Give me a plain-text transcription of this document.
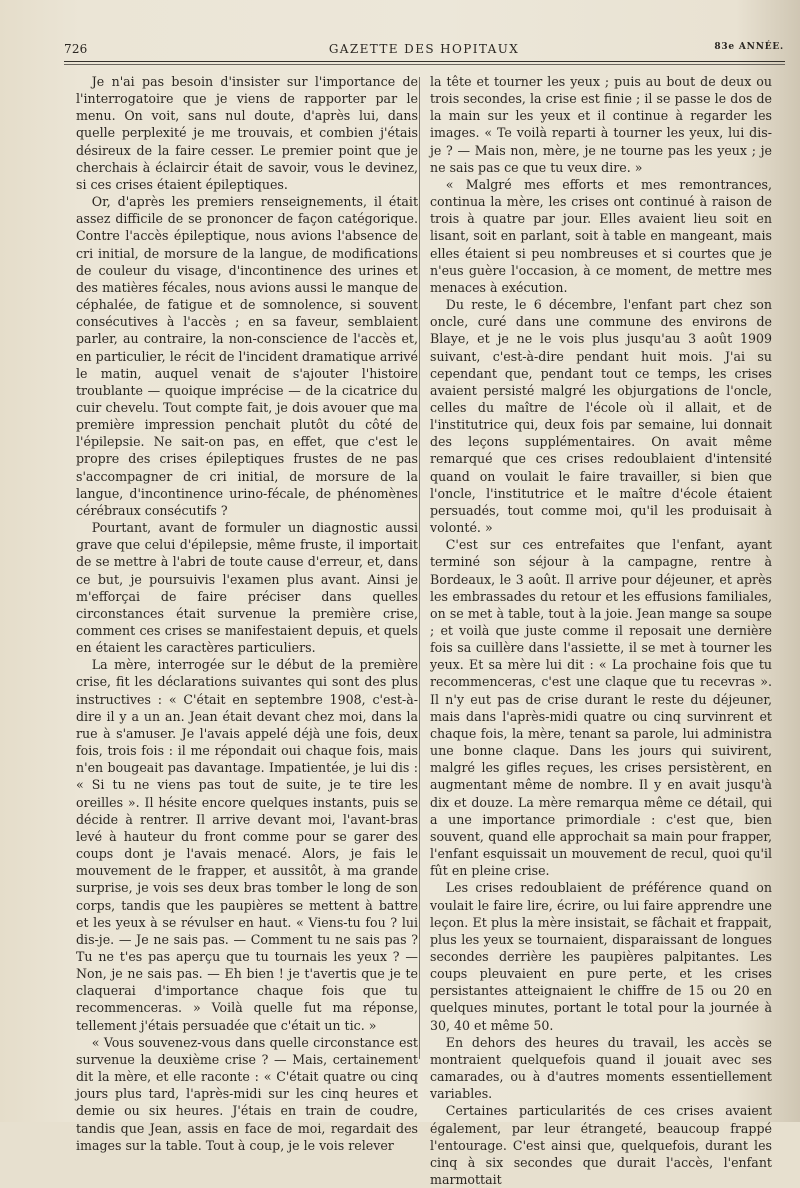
726	GAZETTE DES HOPITAUX	83e ANNÉE.

Je n'ai pas besoin d'insister sur l'importance de l'interrogatoire que je viens de rapporter par le menu. On voit, sans nul doute, d'après lui, dans quelle perplexité je me trouvais, et combien j'étais désireux de la faire cesser. Le premier point que je cherchais à éclaircir était de savoir, vous le devinez, si ces crises étaient épileptiques.

Or, d'après les premiers renseignements, il était assez difficile de se prononcer de façon catégorique. Contre l'accès épileptique, nous avions l'absence de cri initial, de morsure de la langue, de modifications de couleur du visage, d'incontinence des urines et des matières fécales, nous avions aussi le manque de céphalée, de fatigue et de somnolence, si souvent consécutives à l'accès ; en sa faveur, semblaient parler, au contraire, la non-conscience de l'accès et, en particulier, le récit de l'incident dramatique arrivé le matin, auquel venait de s'ajouter l'histoire troublante — quoique imprécise — de la cicatrice du cuir chevelu. Tout compte fait, je dois avouer que ma première impression penchait plutôt du côté de l'épilepsie. Ne sait-on pas, en effet, que c'est le propre des crises épileptiques frustes de ne pas s'accompagner de cri initial, de morsure de la langue, d'incontinence urino-fécale, de phénomènes cérébraux consécutifs ?

Pourtant, avant de formuler un diagnostic aussi grave que celui d'épilepsie, même fruste, il importait de se mettre à l'abri de toute cause d'erreur, et, dans ce but, je poursuivis l'examen plus avant. Ainsi je m'efforçai de faire préciser dans quelles circonstances était survenue la première crise, comment ces crises se manifestaient depuis, et quels en étaient les caractères particuliers.

La mère, interrogée sur le début de la première crise, fit les déclarations suivantes qui sont des plus instructives : « C'était en septembre 1908, c'est-à-dire il y a un an. Jean était devant chez moi, dans la rue à s'amuser. Je l'avais appelé déjà une fois, deux fois, trois fois : il me répondait oui chaque fois, mais n'en bougeait pas davantage. Impatientée, je lui dis : « Si tu ne viens pas tout de suite, je te tire les oreilles ». Il hésite encore quelques instants, puis se décide à rentrer. Il arrive devant moi, l'avant-bras levé à hauteur du front comme pour se garer des coups dont je l'avais menacé. Alors, je fais le mouvement de le frapper, et aussitôt, à ma grande surprise, je vois ses deux bras tomber le long de son corps, tandis que les paupières se mettent à battre et les yeux à se révulser en haut. « Viens-tu fou ? lui dis-je. — Je ne sais pas. — Comment tu ne sais pas ? Tu ne t'es pas aperçu que tu tournais les yeux ? — Non, je ne sais pas. — Eh bien ! je t'avertis que je te claquerai d'importance chaque fois que tu recommenceras. » Voilà quelle fut ma réponse, tellement j'étais persuadée que c'était un tic. »

« Vous souvenez-vous dans quelle circonstance est survenue la deuxième crise ? — Mais, certainement dit la mère, et elle raconte : « C'était quatre ou cinq jours plus tard, l'après-midi sur les cinq heures et demie ou six heures. J'étais en train de coudre, tandis que Jean, assis en face de moi, regardait des images sur la table. Tout à coup, je le vois relever

la tête et tourner les yeux ; puis au bout de deux ou trois secondes, la crise est finie ; il se passe le dos de la main sur les yeux et il continue à regarder les images. « Te voilà reparti à tourner les yeux, lui dis-je ? — Mais non, mère, je ne tourne pas les yeux ; je ne sais pas ce que tu veux dire. »

« Malgré mes efforts et mes remontrances, continua la mère, les crises ont continué à raison de trois à quatre par jour. Elles avaient lieu soit en lisant, soit en parlant, soit à table en mangeant, mais elles étaient si peu nombreuses et si courtes que je n'eus guère l'occasion, à ce moment, de mettre mes menaces à exécution.

Du reste, le 6 décembre, l'enfant part chez son oncle, curé dans une commune des environs de Blaye, et je ne le vois plus jusqu'au 3 août 1909 suivant, c'est-à-dire pendant huit mois. J'ai su cependant que, pendant tout ce temps, les crises avaient persisté malgré les objurgations de l'oncle, celles du maître de l'école où il allait, et de l'institutrice qui, deux fois par semaine, lui donnait des leçons supplémentaires. On avait même remarqué que ces crises redoublaient d'intensité quand on voulait le faire travailler, si bien que l'oncle, l'institutrice et le maître d'école étaient persuadés, tout comme moi, qu'il les produisait à volonté. »

C'est sur ces entrefaites que l'enfant, ayant terminé son séjour à la campagne, rentre à Bordeaux, le 3 août. Il arrive pour déjeuner, et après les embrassades du retour et les effusions familiales, on se met à table, tout à la joie. Jean mange sa soupe ; et voilà que juste comme il reposait une dernière fois sa cuillère dans l'assiette, il se met à tourner les yeux. Et sa mère lui dit : « La prochaine fois que tu recommenceras, c'est une claque que tu recevras ». Il n'y eut pas de crise durant le reste du déjeuner, mais dans l'après-midi quatre ou cinq survinrent et chaque fois, la mère, tenant sa parole, lui administra une bonne claque. Dans les jours qui suivirent, malgré les gifles reçues, les crises persistèrent, en augmentant même de nombre. Il y en avait jusqu'à dix et douze. La mère remarqua même ce détail, qui a une importance primordiale : c'est que, bien souvent, quand elle approchait sa main pour frapper, l'enfant esquissait un mouvement de recul, quoi qu'il fût en pleine crise.

Les crises redoublaient de préférence quand on voulait le faire lire, écrire, ou lui faire apprendre une leçon. Et plus la mère insistait, se fâchait et frappait, plus les yeux se tournaient, disparaissant de longues secondes derrière les paupières palpitantes. Les coups pleuvaient en pure perte, et les crises persistantes atteignaient le chiffre de 15 ou 20 en quelques minutes, portant le total pour la journée à 30, 40 et même 50.

En dehors des heures du travail, les accès se montraient quelquefois quand il jouait avec ses camarades, ou à d'autres moments essentiellement variables.

Certaines particularités de ces crises avaient également, par leur étrangeté, beaucoup frappé l'entourage. C'est ainsi que, quelquefois, durant les cinq à six secondes que durait l'accès, l'enfant marmottait
